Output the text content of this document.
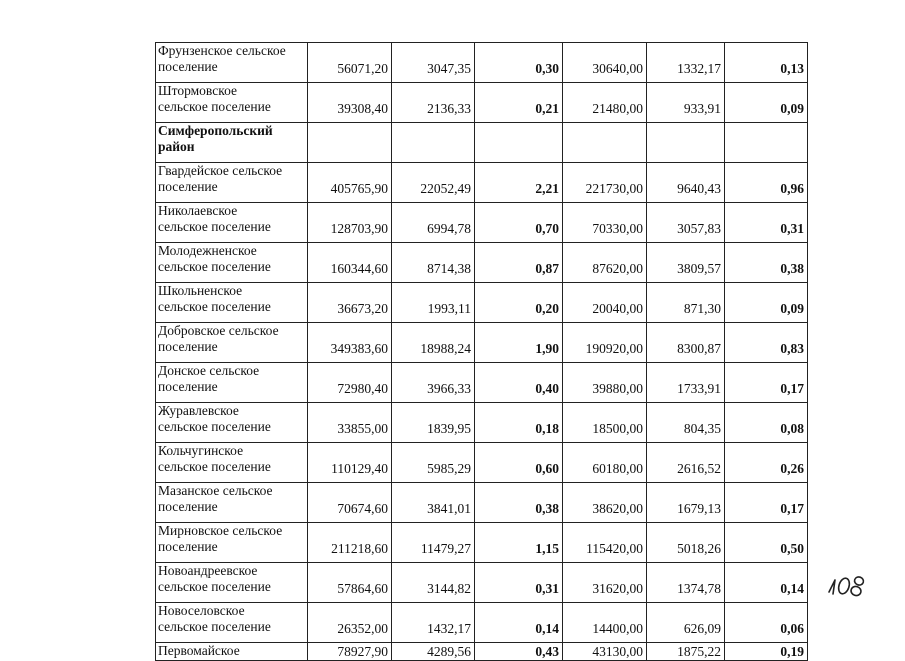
Фрунзенское сельское
поселение	56071,20	3047,35	0,30	30640,00	1332,17	0,13

Штормовское
сельское поселение	39308,40	2136,33	0,21	21480,00	933,91	0,09

Симферопольский
район						

Гвардейское сельское
поселение	405765,90	22052,49	2,21	221730,00	9640,43	0,96

Николаевское
сельское поселение	128703,90	6994,78	0,70	70330,00	3057,83	0,31

Молодежненское
сельское поселение	160344,60	8714,38	0,87	87620,00	3809,57	0,38

Школьненское
сельское поселение	36673,20	1993,11	0,20	20040,00	871,30	0,09

Добровское сельское
поселение	349383,60	18988,24	1,90	190920,00	8300,87	0,83

Донское сельское
поселение	72980,40	3966,33	0,40	39880,00	1733,91	0,17

Журавлевское
сельское поселение	33855,00	1839,95	0,18	18500,00	804,35	0,08

Кольчугинское
сельское поселение	110129,40	5985,29	0,60	60180,00	2616,52	0,26

Мазанское сельское
поселение	70674,60	3841,01	0,38	38620,00	1679,13	0,17

Мирновское сельское
поселение	211218,60	11479,27	1,15	115420,00	5018,26	0,50

Новоандреевское
сельское поселение	57864,60	3144,82	0,31	31620,00	1374,78	0,14

Новоселовское
сельское поселение	26352,00	1432,17	0,14	14400,00	626,09	0,06

Первомайское	78927,90	4289,56	0,43	43130,00	1875,22	0,19
